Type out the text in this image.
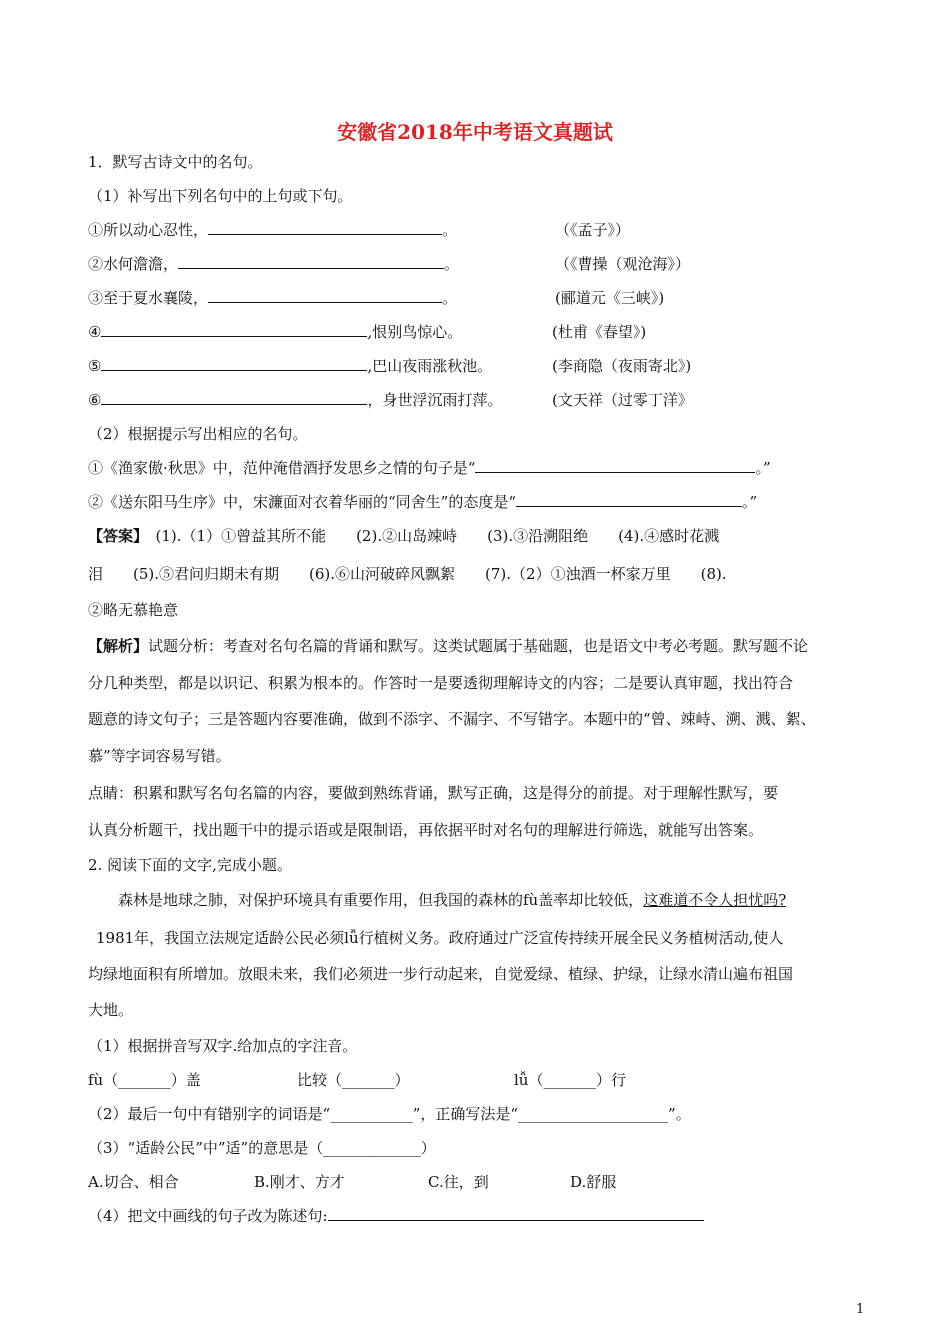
安徽省2018年中考语文真题试
1．默写古诗文中的名句。
（1）补写出下列名句中的上句或下句。
①所以动心忍性，	。	（《孟子》）
②水何澹澹，	。	（《曹操（观沧海》）
③至于夏水襄陵，	。	(郦道元《三峡》)
④	,恨别鸟惊心。	(杜甫《春望》)
⑤	,巴山夜雨涨秋池。	(李商隐（夜雨寄北》)
⑥	，身世浮沉雨打萍。	(文天祥（过零丁洋》
（2）根据提示写出相应的名句。
①《渔家傲·秋思》中，范仲淹借酒抒发思乡之情的句子是“	。”
②《送东阳马生序》中，宋濂面对衣着华丽的“同舍生”的态度是“	。”
【答案】　(1).（1）①曾益其所不能　　(2).②山岛竦峙　　(3).③沿溯阻绝　　(4).④感时花溅
泪　　(5).⑤君问归期未有期　　(6).⑥山河破碎风飘絮　　(7).（2）①浊酒一杯家万里　　(8).
②略无慕艳意
【解析】试题分析：考查对名句名篇的背诵和默写。这类试题属于基础题，也是语文中考必考题。默写题不论
分几种类型，都是以识记、积累为根本的。作答时一是要透彻理解诗文的内容；二是要认真审题，找出符合
题意的诗文句子；三是答题内容要准确，做到不添字、不漏字、不写错字。本题中的“曾、竦峙、溯、溅、絮、
慕”等字词容易写错。
点睛：积累和默写名句名篇的内容，要做到熟练背诵，默写正确，这是得分的前提。对于理解性默写，要
认真分析题干，找出题干中的提示语或是限制语，再依据平时对名句的理解进行筛选，就能写出答案。
2. 阅读下面的文字,完成小题。
森林是地球之肺，对保护环境具有重要作用，但我国的森林的fù盖率却比较低，这难道不令人担忧吗?
1981年，我国立法规定适龄公民必须lǚ行植树义务。政府通过广泛宣传持续开展全民义务植树活动,使人
均绿地面积有所增加。放眼未来，我们必须进一步行动起来，自觉爱绿、植绿、护绿，让绿水清山遍布祖国
大地。
（1）根据拼音写双字.给加点的字注音。
fù（_______）盖	比较（_______）	lǚ（_______）行
（2）最后一句中有错别字的词语是“___________”，正确写法是“____________________”。
（3）“适龄公民”中”适”的意思是（_____________）
A.切合、相合	B.刚才、方才	C.往，到	D.舒服
（4）把文中画线的句子改为陈述句:
1
